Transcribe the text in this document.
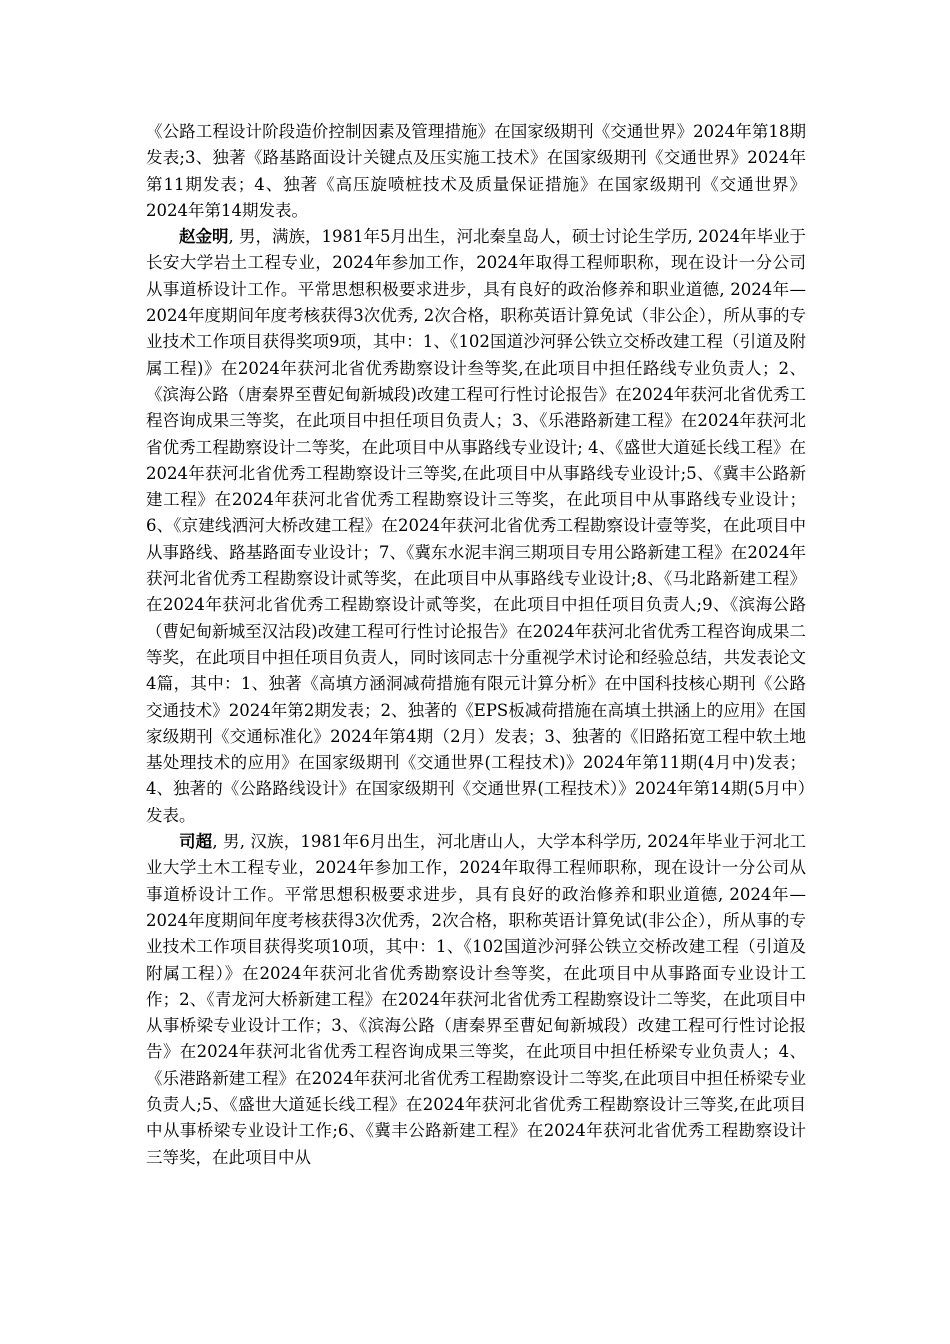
《公路工程设计阶段造价控制因素及管理措施》在国家级期刊《交通世界》2024年第18期发表;3、独著《路基路面设计关键点及压实施工技术》在国家级期刊《交通世界》2024年第11期发表；4、独著《高压旋喷桩技术及质量保证措施》在国家级期刊《交通世界》2024年第14期发表。

赵金明, 男，满族，1981年5月出生，河北秦皇岛人，硕士讨论生学历, 2024年毕业于长安大学岩土工程专业，2024年参加工作，2024年取得工程师职称，现在设计一分公司从事道桥设计工作。平常思想积极要求进步，具有良好的政治修养和职业道德, 2024年—2024年度期间年度考核获得3次优秀, 2次合格，职称英语计算免试（非公企），所从事的专业技术工作项目获得奖项9项，其中：1、《102国道沙河驿公铁立交桥改建工程（引道及附属工程)》在2024年获河北省优秀勘察设计叁等奖,在此项目中担任路线专业负责人；2、《滨海公路（唐秦界至曹妃甸新城段)改建工程可行性讨论报告》在2024年获河北省优秀工程咨询成果三等奖，在此项目中担任项目负责人；3、《乐港路新建工程》在2024年获河北省优秀工程勘察设计二等奖，在此项目中从事路线专业设计; 4、《盛世大道延长线工程》在2024年获河北省优秀工程勘察设计三等奖,在此项目中从事路线专业设计;5、《冀丰公路新建工程》在2024年获河北省优秀工程勘察设计三等奖，在此项目中从事路线专业设计；6、《京建线洒河大桥改建工程》在2024年获河北省优秀工程勘察设计壹等奖，在此项目中从事路线、路基路面专业设计；7、《冀东水泥丰润三期项目专用公路新建工程》在2024年获河北省优秀工程勘察设计贰等奖，在此项目中从事路线专业设计;8、《马北路新建工程》在2024年获河北省优秀工程勘察设计贰等奖，在此项目中担任项目负责人;9、《滨海公路（曹妃甸新城至汉沽段)改建工程可行性讨论报告》在2024年获河北省优秀工程咨询成果二等奖，在此项目中担任项目负责人，同时该同志十分重视学术讨论和经验总结，共发表论文4篇，其中：1、独著《高填方涵洞减荷措施有限元计算分析》在中国科技核心期刊《公路交通技术》2024年第2期发表；2、独著的《EPS板减荷措施在高填土拱涵上的应用》在国家级期刊《交通标准化》2024年第4期（2月）发表；3、独著的《旧路拓宽工程中软土地基处理技术的应用》在国家级期刊《交通世界(工程技术)》2024年第11期(4月中)发表；4、独著的《公路路线设计》在国家级期刊《交通世界(工程技术）》2024年第14期(5月中）发表。

司超, 男, 汉族，1981年6月出生，河北唐山人，大学本科学历, 2024年毕业于河北工业大学土木工程专业，2024年参加工作，2024年取得工程师职称，现在设计一分公司从事道桥设计工作。平常思想积极要求进步，具有良好的政治修养和职业道德, 2024年—2024年度期间年度考核获得3次优秀，2次合格，职称英语计算免试(非公企），所从事的专业技术工作项目获得奖项10项，其中：1、《102国道沙河驿公铁立交桥改建工程（引道及附属工程）》在2024年获河北省优秀勘察设计叁等奖，在此项目中从事路面专业设计工作；2、《青龙河大桥新建工程》在2024年获河北省优秀工程勘察设计二等奖，在此项目中从事桥梁专业设计工作；3、《滨海公路（唐秦界至曹妃甸新城段）改建工程可行性讨论报告》在2024年获河北省优秀工程咨询成果三等奖，在此项目中担任桥梁专业负责人；4、《乐港路新建工程》在2024年获河北省优秀工程勘察设计二等奖,在此项目中担任桥梁专业负责人;5、《盛世大道延长线工程》在2024年获河北省优秀工程勘察设计三等奖,在此项目中从事桥梁专业设计工作;6、《冀丰公路新建工程》在2024年获河北省优秀工程勘察设计三等奖，在此项目中从
